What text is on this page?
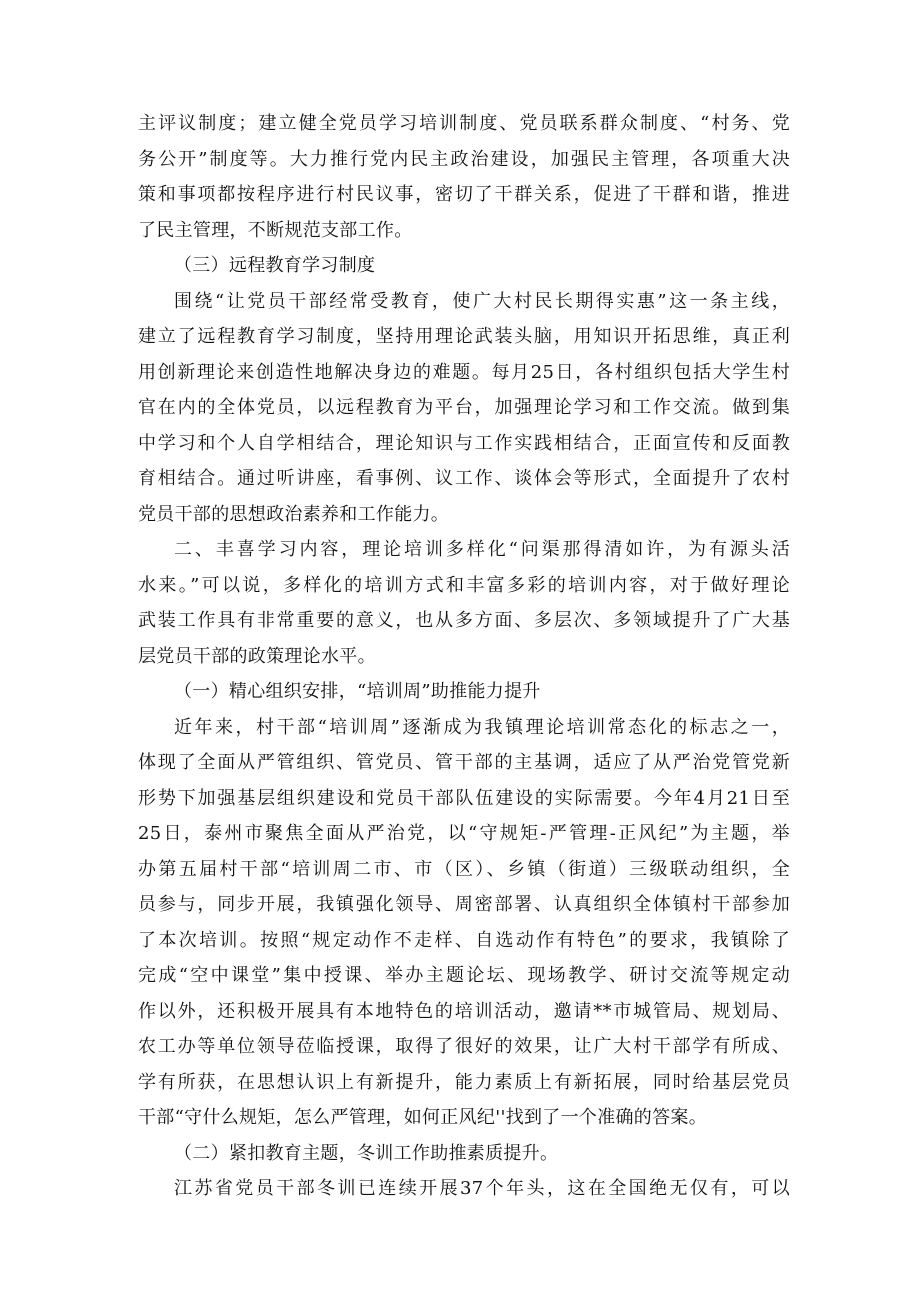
主评议制度；建立健全党员学习培训制度、党员联系群众制度、“村务、党
务公开”制度等。大力推行党内民主政治建设，加强民主管理，各项重大决
策和事项都按程序进行村民议事，密切了干群关系，促进了干群和谐，推进
了民主管理，不断规范支部工作。
（三）远程教育学习制度
围绕“让党员干部经常受教育，使广大村民长期得实惠”这一条主线，
建立了远程教育学习制度，坚持用理论武装头脑，用知识开拓思维，真正利
用创新理论来创造性地解决身边的难题。每月25日，各村组织包括大学生村
官在内的全体党员，以远程教育为平台，加强理论学习和工作交流。做到集
中学习和个人自学相结合，理论知识与工作实践相结合，正面宣传和反面教
育相结合。通过听讲座，看事例、议工作、谈体会等形式，全面提升了农村
党员干部的思想政治素养和工作能力。
二、丰喜学习内容，理论培训多样化“问渠那得清如许，为有源头活
水来。”可以说，多样化的培训方式和丰富多彩的培训内容，对于做好理论
武装工作具有非常重要的意义，也从多方面、多层次、多领域提升了广大基
层党员干部的政策理论水平。
（一）精心组织安排，“培训周”助推能力提升
近年来，村干部“培训周”逐渐成为我镇理论培训常态化的标志之一，
体现了全面从严管组织、管党员、管干部的主基调，适应了从严治党管党新
形势下加强基层组织建设和党员干部队伍建设的实际需要。今年4月21日至
25日，泰州市聚焦全面从严治党，以“守规矩-严管理-正风纪”为主题，举
办第五届村干部“培训周二市、市（区）、乡镇（街道）三级联动组织，全
员参与，同步开展，我镇强化领导、周密部署、认真组织全体镇村干部参加
了本次培训。按照“规定动作不走样、自选动作有特色”的要求，我镇除了
完成“空中课堂”集中授课、举办主题论坛、现场教学、研讨交流等规定动
作以外，还积极开展具有本地特色的培训活动，邀请**市城管局、规划局、
农工办等单位领导莅临授课，取得了很好的效果，让广大村干部学有所成、
学有所获，在思想认识上有新提升，能力素质上有新拓展，同时给基层党员
干部“守什么规矩，怎么严管理，如何正风纪''找到了一个准确的答案。
（二）紧扣教育主题，冬训工作助推素质提升。
江苏省党员干部冬训已连续开展37个年头，这在全国绝无仅有，可以
